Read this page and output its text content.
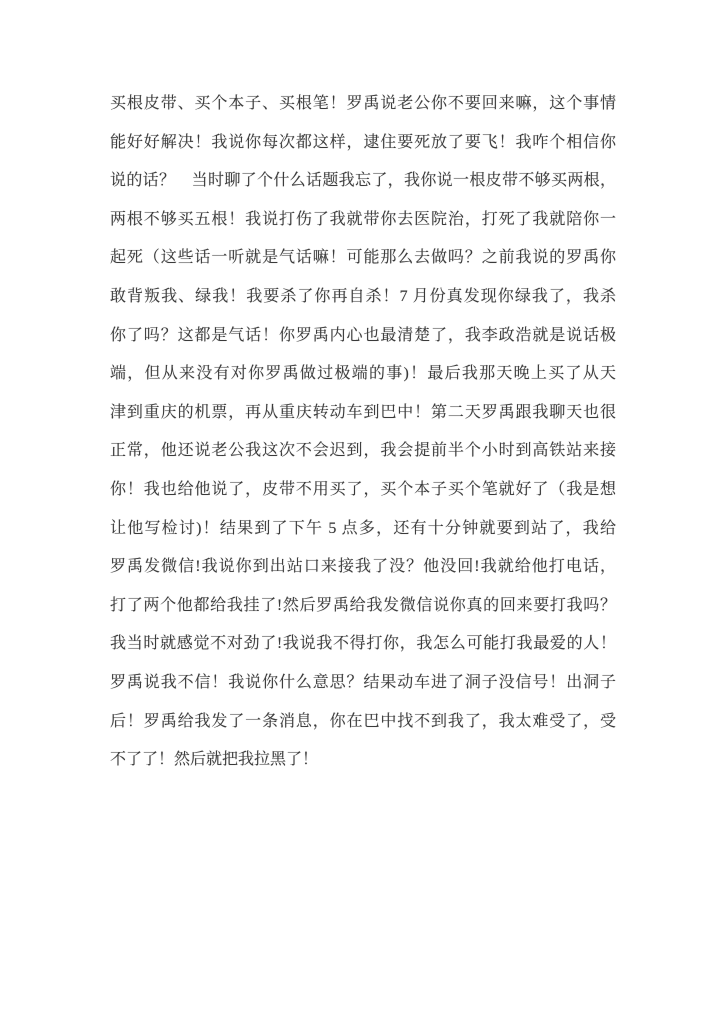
买根皮带、买个本子、买根笔！罗禹说老公你不要回来嘛，这个事情
能好好解决！我说你每次都这样，逮住要死放了要飞！我咋个相信你
说的话？　当时聊了个什么话题我忘了，我你说一根皮带不够买两根，
两根不够买五根！我说打伤了我就带你去医院治，打死了我就陪你一
起死（这些话一听就是气话嘛！可能那么去做吗？之前我说的罗禹你
敢背叛我、绿我！我要杀了你再自杀！7 月份真发现你绿我了，我杀
你了吗？这都是气话！你罗禹内心也最清楚了，我李政浩就是说话极
端，但从来没有对你罗禹做过极端的事)！最后我那天晚上买了从天
津到重庆的机票，再从重庆转动车到巴中！第二天罗禹跟我聊天也很
正常，他还说老公我这次不会迟到，我会提前半个小时到高铁站来接
你！我也给他说了，皮带不用买了，买个本子买个笔就好了（我是想
让他写检讨)！结果到了下午 5 点多，还有十分钟就要到站了，我给
罗禹发微信!我说你到出站口来接我了没？他没回!我就给他打电话，
打了两个他都给我挂了!然后罗禹给我发微信说你真的回来要打我吗？
我当时就感觉不对劲了!我说我不得打你，我怎么可能打我最爱的人！
罗禹说我不信！我说你什么意思？结果动车进了洞子没信号！出洞子
后！罗禹给我发了一条消息，你在巴中找不到我了，我太难受了，受
不了了！然后就把我拉黑了！
